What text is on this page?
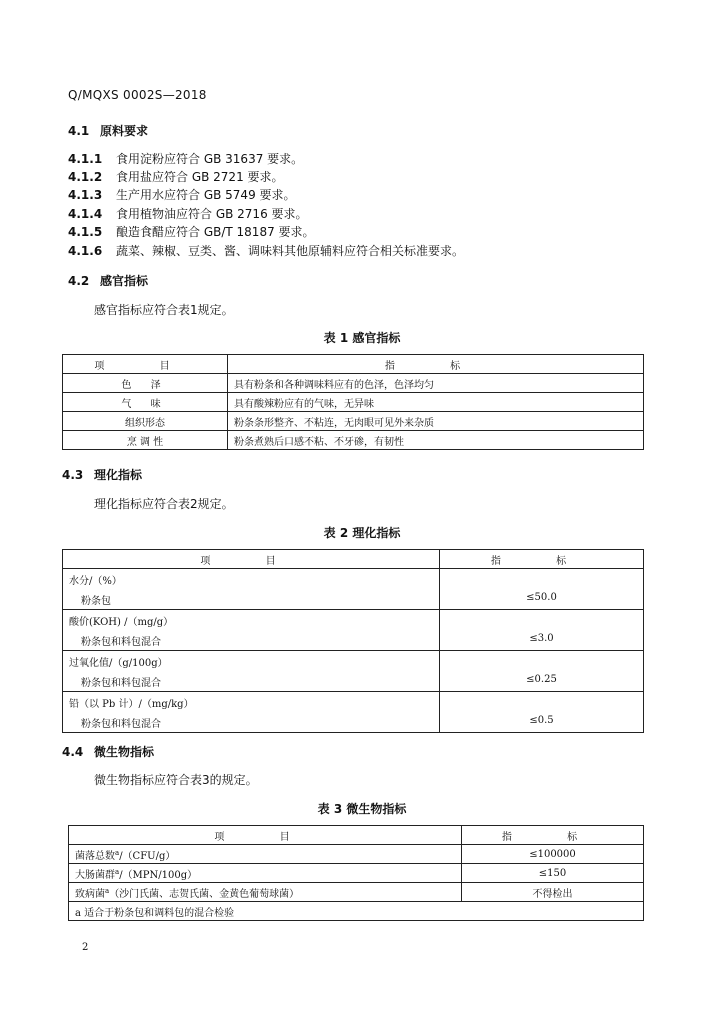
Q/MQXS 0002S—2018
4.1 原料要求
4.1.1 食用淀粉应符合 GB 31637 要求。
4.1.2 食用盐应符合 GB 2721 要求。
4.1.3 生产用水应符合 GB 5749 要求。
4.1.4 食用植物油应符合 GB 2716 要求。
4.1.5 酿造食醋应符合 GB/T 18187 要求。
4.1.6 蔬菜、辣椒、豆类、酱、调味料其他原辅料应符合相关标准要求。
4.2 感官指标
感官指标应符合表1规定。
表 1 感官指标
项 目	指 标
色 泽	具有粉条和各种调味料应有的色泽，色泽均匀
气 味	具有酸辣粉应有的气味，无异味
组织形态	粉条条形整齐、不粘连，无肉眼可见外来杂质
烹 调 性	粉条煮熟后口感不粘、不牙碜，有韧性
4.3 理化指标
理化指标应符合表2规定。
表 2 理化指标
项 目	指 标

水分/（%）
粉条包	≤50.0

酸价(KOH) /（mg/g）
粉条包和料包混合	≤3.0

过氧化值/（g/100g）
粉条包和料包混合	≤0.25

铅（以 Pb 计）/（mg/kg）
粉条包和料包混合	≤0.5
4.4 微生物指标
微生物指标应符合表3的规定。
表 3 微生物指标
项 目	指 标
菌落总数$^a$/（CFU/g）	≤100000
大肠菌群$^a$/（MPN/100g）	≤150
致病菌$^a$（沙门氏菌、志贺氏菌、金黄色葡萄球菌）	不得检出
a 适合于粉条包和调料包的混合检验	
2
